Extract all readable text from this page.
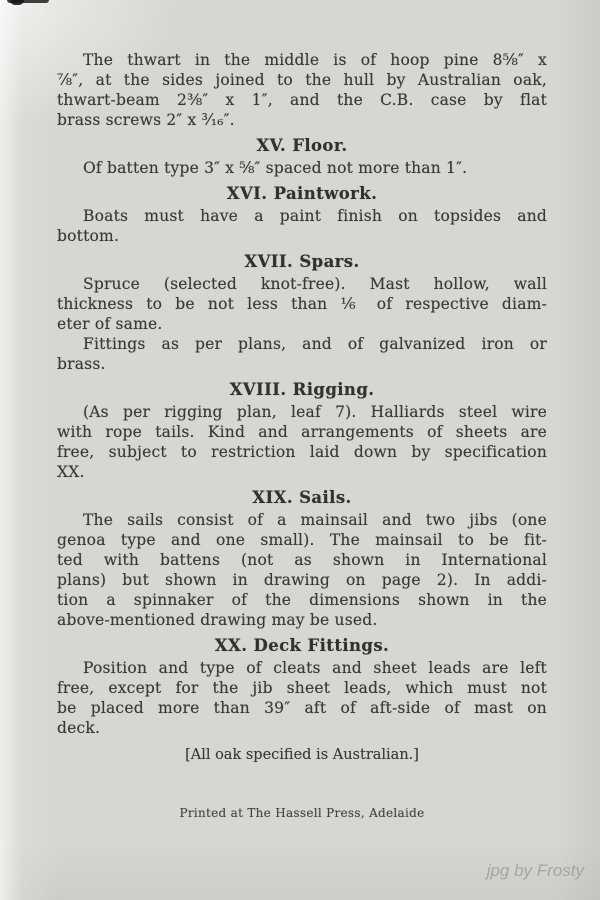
The thwart in the middle is of hoop pine 8⅝″ x
⅞″, at the sides joined to the hull by Australian oak,
thwart-beam 2⅜″ x 1″, and the C.B. case by flat
brass screws 2″ x ³⁄₁₆″.
XV. Floor.
Of batten type 3″ x ⅝″ spaced not more than 1″.
XVI. Paintwork.
Boats must have a paint finish on topsides and
bottom.
XVII. Spars.
Spruce (selected knot-free). Mast hollow, wall
thickness to be not less than ⅙ of respective diam-
eter of same.
Fittings as per plans, and of galvanized iron or
brass.
XVIII. Rigging.
(As per rigging plan, leaf 7). Halliards steel wire
with rope tails. Kind and arrangements of sheets are
free, subject to restriction laid down by specification
XX.
XIX. Sails.
The sails consist of a mainsail and two jibs (one
genoa type and one small). The mainsail to be fit-
ted with battens (not as shown in International
plans) but shown in drawing on page 2). In addi-
tion a spinnaker of the dimensions shown in the
above-mentioned drawing may be used.
XX. Deck Fittings.
Position and type of cleats and sheet leads are left
free, except for the jib sheet leads, which must not
be placed more than 39″ aft of aft-side of mast on
deck.
[All oak specified is Australian.]
Printed at The Hassell Press, Adelaide
jpg by Frosty
